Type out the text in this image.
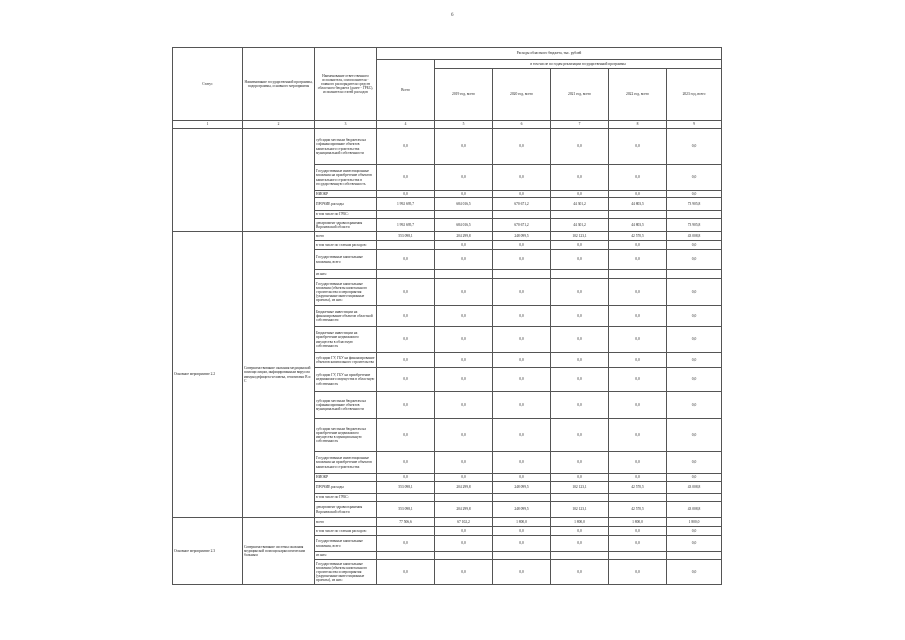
6
Статус	Наименование государственной программы, подпрограммы, основного мероприятия	Наименование ответственного исполнителя, соисполнителя - главного распорядителя средств областного бюджета (далее - ГРБС), исполнителя статей расходов	Расходы областного бюджета, тыс. рублей					
			Всего	в том числе по годам реализации государственной программы				
				2019 год, всего	2020 год, всего	2021 год, всего	2022 год, всего	2023 год, всего
1	2	3	4	5	6	7	8	9
		субсидии местным бюджетам на софинансирование объектов капитального строительства муниципальной собственности	0,0	0,0	0,0	0,0	0,0	0,0
		Государственные инвестиционные вложения на приобретение объектов капитального строительства в государственную собственность	0,0	0,0	0,0	0,0	0,0	0,0
		НИОКР	0,0	0,0	0,0	0,0	0,0	0,0
		ПРОЧИЕ расходы	1 992 695,7	684 016,5	670 671,2	44 301,2	44 803,5	73 905,8
		в том числе по ГРБС:						
		департамент здравоохранения Воронежской области	1 992 695,7	684 016,5	670 671,2	44 301,2	44 803,5	73 905,8
Основное мероприятие 2.2	Совершенствование оказания медицинской помощи лицам, инфицированным вирусом иммунодефицита человека, гепатитами В и С	всего	553 098,1	204 299,8	248 099,5	102 123,1	42 570,5	43 008,8
		в том числе по статьям расходов:		0,0	0,0	0,0	0,0	0,0
		Государственные капитальные вложения, всего	0,0	0,0	0,0	0,0	0,0	0,0
		из них:						
		Государственные капитальные вложения (объекты капитального строительства и мероприятия (укрупненные инвестиционные проекты), из них:	0,0	0,0	0,0	0,0	0,0	0,0
		Бюджетные инвестиции на финансирование объектов областной собственности	0,0	0,0	0,0	0,0	0,0	0,0
		Бюджетные инвестиции на приобретение недвижимого имущества в областную собственность	0,0	0,0	0,0	0,0	0,0	0,0
		субсидии ГУ, ГБУ на финансирование объектов капитального строительства	0,0	0,0	0,0	0,0	0,0	0,0
		субсидии ГУ, ГБУ на приобретение недвижимого имущества в областную собственность	0,0	0,0	0,0	0,0	0,0	0,0
		субсидии местным бюджетам на софинансирование объектов муниципальной собственности	0,0	0,0	0,0	0,0	0,0	0,0
		субсидии местным бюджетам на приобретение недвижимого имущества в муниципальную собственность	0,0	0,0	0,0	0,0	0,0	0,0
		Государственные инвестиционные вложения на приобретение объектов капитального строительства	0,0	0,0	0,0	0,0	0,0	0,0
		НИОКР	0,0	0,0	0,0	0,0	0,0	0,0
		ПРОЧИЕ расходы	553 098,1	204 299,8	248 099,5	102 123,1	42 570,5	43 008,8
		в том числе по ГРБС:						
		департамент здравоохранения Воронежской области	553 098,1	204 299,8	248 099,5	102 123,1	42 570,5	43 008,8
Основное мероприятие 2.3	Совершенствование системы оказания медицинской помощи наркологическим больным	всего	77 506,6	67 102,2	1 800,0	1 800,0	1 800,0	1 800,0
		в том числе по статьям расходов:		0,0	0,0	0,0	0,0	0,0
		Государственные капитальные вложения, всего	0,0	0,0	0,0	0,0	0,0	0,0
		из них:						
		Государственные капитальные вложения (объекты капитального строительства и мероприятия (укрупненные инвестиционные проекты), из них:	0,0	0,0	0,0	0,0	0,0	0,0
